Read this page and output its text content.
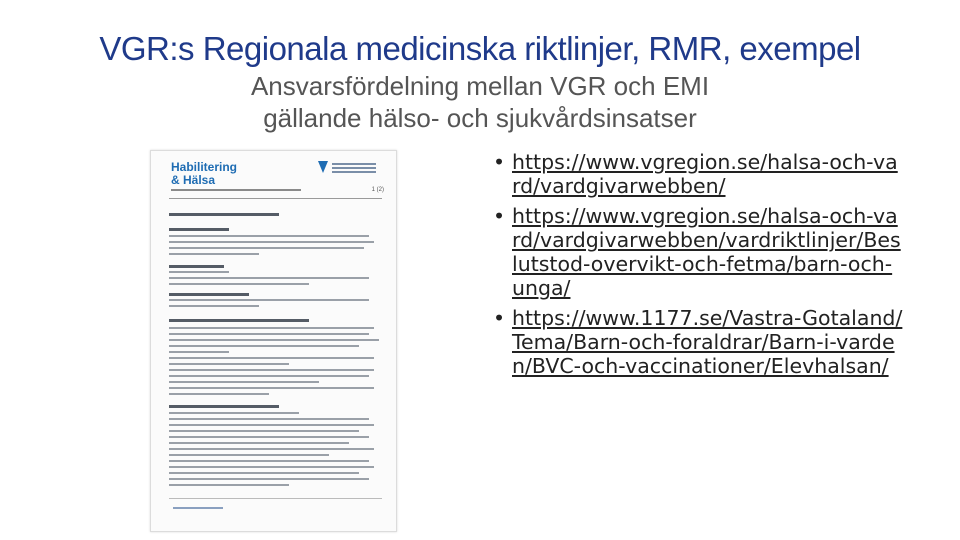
VGR:s Regionala medicinska riktlinjer, RMR, exempel
Ansvarsfördelning mellan VGR och EMI
gällande hälso- och sjukvårdsinsatser
Habilitering
& Hälsa
1 (2)
• https://www.vgregion.se/halsa-och-vard/vardgivarwebben/
• https://www.vgregion.se/halsa-och-vard/vardgivarwebben/vardriktlinjer/Beslutstod-overvikt-och-fetma/barn-och-unga/
• https://www.1177.se/Vastra-Gotaland/Tema/Barn-och-foraldrar/Barn-i-varden/BVC-och-vaccinationer/Elevhalsan/
